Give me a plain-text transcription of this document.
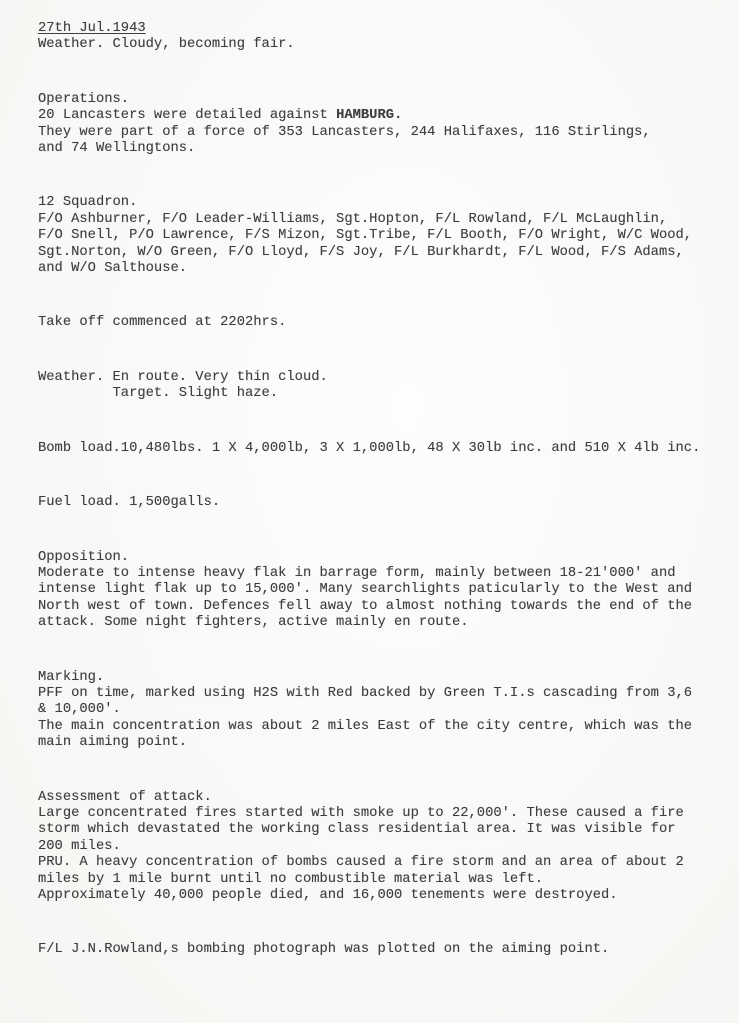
27th Jul.1943
Weather. Cloudy, becoming fair.
Operations.
20 Lancasters were detailed against HAMBURG.
They were part of a force of 353 Lancasters, 244 Halifaxes, 116 Stirlings,
and 74 Wellingtons.
12 Squadron.
F/O Ashburner, F/O Leader-Williams, Sgt.Hopton, F/L Rowland, F/L McLaughlin,
F/O Snell, P/O Lawrence, F/S Mizon, Sgt.Tribe, F/L Booth, F/O Wright, W/C Wood,
Sgt.Norton, W/O Green, F/O Lloyd, F/S Joy, F/L Burkhardt, F/L Wood, F/S Adams,
and W/O Salthouse.
Take off commenced at 2202hrs.
Weather. En route. Very thin cloud.
Target. Slight haze.
Bomb load.10,480lbs. 1 X 4,000lb, 3 X 1,000lb, 48 X 30lb inc. and 510 X 4lb inc.
Fuel load. 1,500galls.
Opposition.
Moderate to intense heavy flak in barrage form, mainly between 18-21'000' and
intense light flak up to 15,000'. Many searchlights paticularly to the West and
North west of town. Defences fell away to almost nothing towards the end of the
attack. Some night fighters, active mainly en route.
Marking.
PFF on time, marked using H2S with Red backed by Green T.I.s cascading from 3,6
& 10,000'.
The main concentration was about 2 miles East of the city centre, which was the
main aiming point.
Assessment of attack.
Large concentrated fires started with smoke up to 22,000'. These caused a fire
storm which devastated the working class residential area. It was visible for
200 miles.
PRU. A heavy concentration of bombs caused a fire storm and an area of about 2
miles by 1 mile burnt until no combustible material was left.
Approximately 40,000 people died, and 16,000 tenements were destroyed.
F/L J.N.Rowland,s bombing photograph was plotted on the aiming point.
